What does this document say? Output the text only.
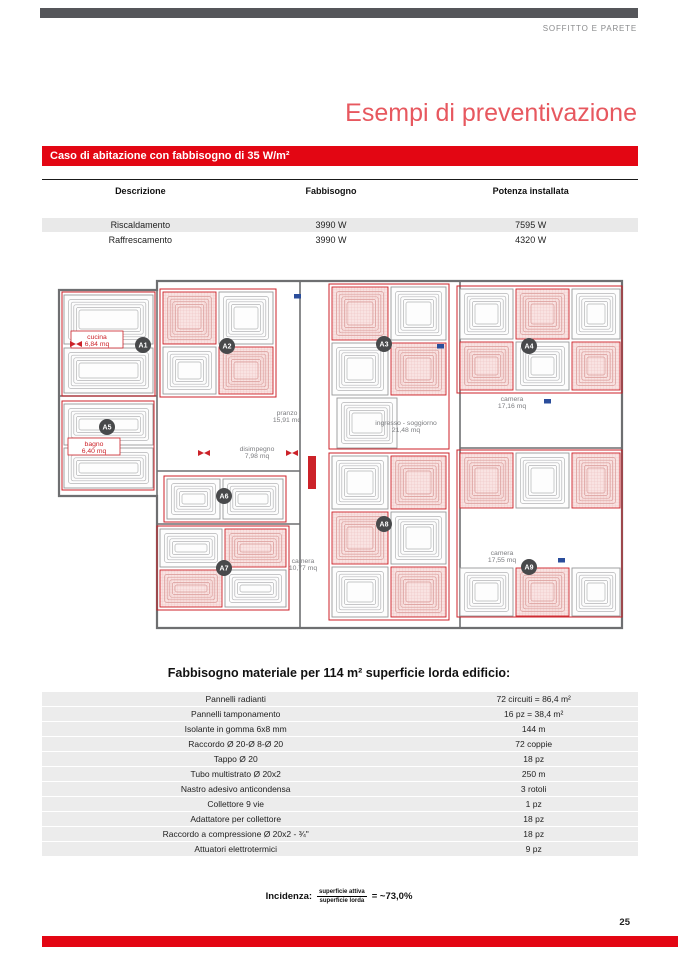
SOFFITTO E PARETE
Esempi di preventivazione
Caso di abitazione con fabbisogno di 35 W/m²
Descrizione	Fabbisogno	Potenza installata
Riscaldamento	3990 W	7595 W
Raffrescamento	3990 W	4320 W
A1	A2	A3	A4
A5
A6
A7
A8
A9
cucina
6,84 mq
pranzo
15,91 mq	ingresso - soggiorno
21,48 mq
camera
17,16 mq
bagno
6,40 mq	disimpegno
7,98 mq
camera
10,77 mq
camera
17,55 mq
Fabbisogno materiale per 114 m² superficie lorda edificio:
Pannelli radianti	72 circuiti = 86,4 m²
Pannelli tamponamento	16 pz = 38,4 m²
Isolante in gomma 6x8 mm	144 m
Raccordo Ø 20-Ø 8-Ø 20	72 coppie
Tappo Ø 20	18 pz
Tubo multistrato Ø 20x2	250 m
Nastro adesivo anticondensa	3 rotoli
Collettore 9 vie	1 pz
Adattatore per collettore	18 pz
Raccordo a compressione Ø 20x2 - ¾"	18 pz
Attuatori elettrotermici	9 pz
Incidenza: $\frac{\text{superficie attiva}}{\text{superficie lorda}}$ = ~73,0%
25
